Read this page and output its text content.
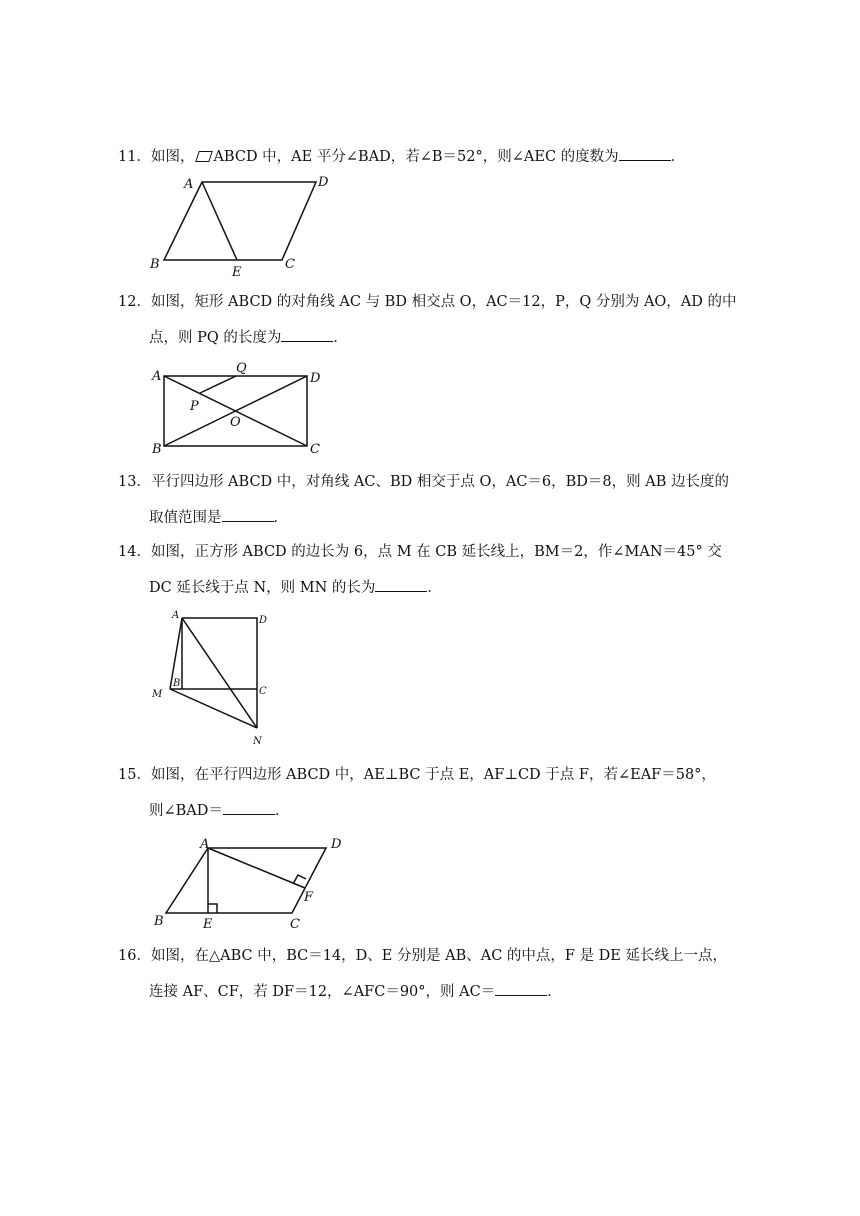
11．如图， ABCD 中，AE 平分∠BAD，若∠B＝52°，则∠AEC 的度数为	．
A	D
B
E
C
12．如图，矩形 ABCD 的对角线 AC 与 BD 相交点 O，AC＝12，P，Q 分别为 AO，AD 的中
点，则 PQ 的长度为	．
A
Q
D
P
O
B	C
13．平行四边形 ABCD 中，对角线 AC、BD 相交于点 O，AC＝6，BD＝8，则 AB 边长度的
取值范围是	．
14．如图，正方形 ABCD 的边长为 6，点 M 在 CB 延长线上，BM＝2，作∠MAN＝45° 交
DC 延长线于点 N，则 MN 的长为	．
A	D
M
B
C
N
15．如图，在平行四边形 ABCD 中，AE⊥BC 于点 E，AF⊥CD 于点 F，若∠EAF＝58°，
则∠BAD＝	．
A	D
F
B	E	C
16．如图，在△ABC 中，BC＝14，D、E 分别是 AB、AC 的中点，F 是 DE 延长线上一点，
连接 AF、CF，若 DF＝12，∠AFC＝90°，则 AC＝	．
